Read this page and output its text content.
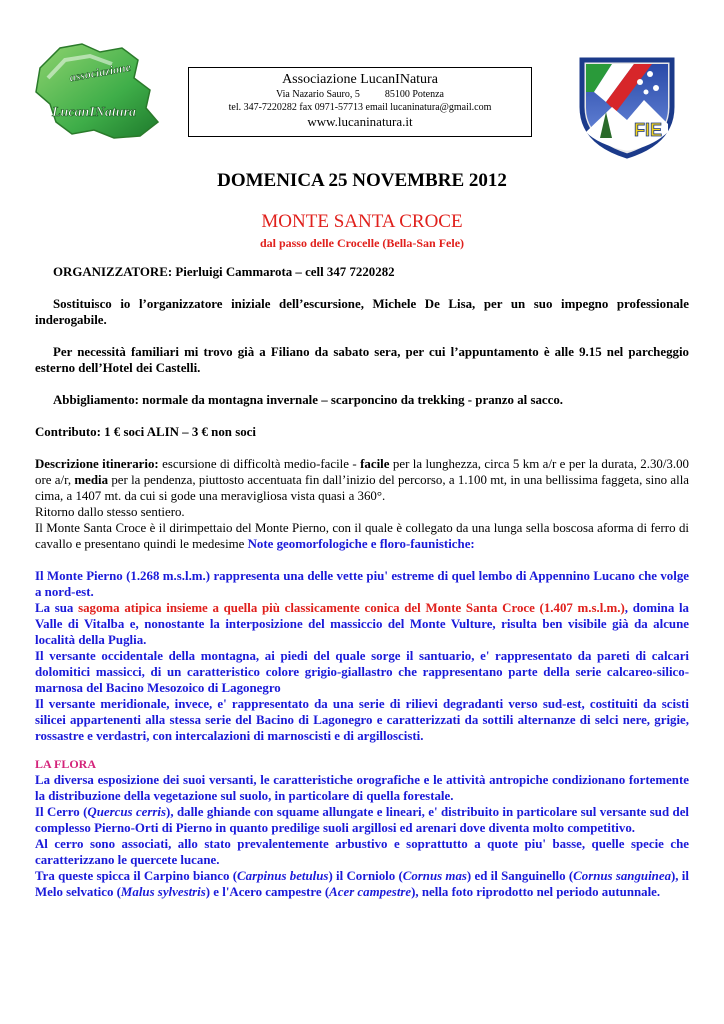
associazione
LucanINatura
Associazione LucanINatura
Via Nazario Sauro, 5          85100 Potenza
tel. 347-7220282 fax 0971-57713 email lucaninatura@gmail.com
www.lucaninatura.it	FIE
DOMENICA 25 NOVEMBRE 2012
MONTE SANTA CROCE
dal passo delle Crocelle (Bella-San Fele)

ORGANIZZATORE: Pierluigi Cammarota – cell 347 7220282

Sostituisco io l’organizzatore iniziale dell’escursione, Michele De Lisa, per un suo impegno professionale inderogabile.

Per necessità familiari mi trovo già a Filiano da sabato sera, per cui l’appuntamento è alle 9.15 nel parcheggio esterno dell’Hotel dei Castelli.

Abbigliamento: normale da montagna invernale – scarponcino da trekking - pranzo al sacco.

Contributo: 1 € soci ALIN – 3 € non soci

Descrizione itinerario: escursione di difficoltà medio-facile - facile per la lunghezza, circa 5 km a/r e per la durata, 2.30/3.00 ore a/r, media per la pendenza, piuttosto accentuata fin dall’inizio del percorso, a 1.100 mt, in una bellissima faggeta, sino alla cima, a 1407 mt. da cui si gode una meravigliosa vista quasi a 360°.

Ritorno dallo stesso sentiero.

Il Monte Santa Croce è il dirimpettaio del Monte Pierno, con il quale è collegato da una lunga sella boscosa aforma di ferro di cavallo e presentano quindi le medesime Note geomorfologiche e floro-faunistiche:

Il Monte Pierno (1.268 m.s.l.m.) rappresenta una delle vette piu' estreme di quel lembo di Appennino Lucano che volge a nord-est.

La sua sagoma atipica insieme a quella più classicamente conica del Monte Santa Croce (1.407 m.s.l.m.), domina la Valle di Vitalba e, nonostante la interposizione del massiccio del Monte Vulture, risulta ben visibile già da alcune località della Puglia.

Il versante occidentale della montagna, ai piedi del quale sorge il santuario, e' rappresentato da pareti di calcari dolomitici massicci, di un caratteristico colore grigio-giallastro che rappresentano parte della serie calcareo-silico-marnosa del Bacino Mesozoico di Lagonegro

Il versante meridionale, invece, e' rappresentato da una serie di rilievi degradanti verso sud-est, costituiti da scisti silicei appartenenti alla stessa serie del Bacino di Lagonegro e caratterizzati da sottili alternanze di selci nere, grigie, rossastre e verdastri, con intercalazioni di marnoscisti e di argilloscisti.

LA FLORA

La diversa esposizione dei suoi versanti, le caratteristiche orografiche e le attività antropiche condizionano fortemente la distribuzione della vegetazione sul suolo, in particolare di quella forestale.

Il Cerro (Quercus cerris), dalle ghiande con squame allungate e lineari, e' distribuito in particolare sul versante sud del complesso Pierno-Orti di Pierno in quanto predilige suoli argillosi ed arenari dove diventa molto competitivo.

Al cerro sono associati, allo stato prevalentemente arbustivo e soprattutto a quote piu' basse, quelle specie che caratterizzano le quercete lucane.

Tra queste spicca il Carpino bianco (Carpinus betulus) il Corniolo (Cornus mas) ed il Sanguinello (Cornus sanguinea), il Melo selvatico (Malus sylvestris) e l'Acero campestre (Acer campestre), nella foto riprodotto nel periodo autunnale.
